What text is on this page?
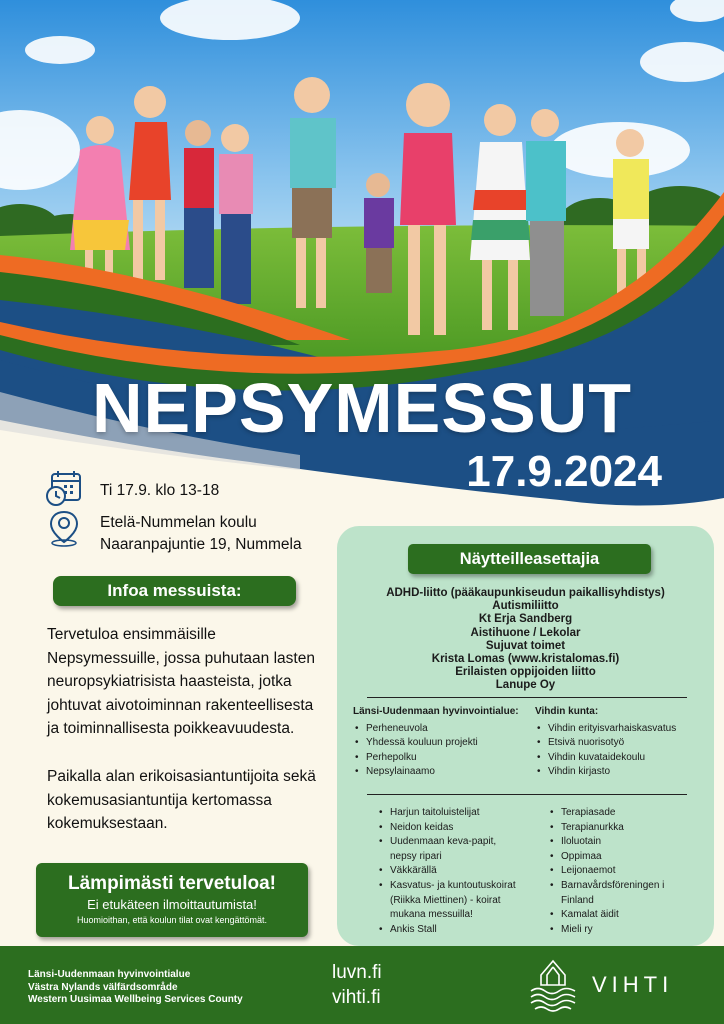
NEPSYMESSUT
17.9.2024
Ti 17.9. klo 13-18
Etelä-Nummelan koulu
Naaranpajuntie 19, Nummela
Infoa messuista:
Tervetuloa ensimmäisille Nepsymessuille, jossa puhutaan lasten neuropsykiatrisista haasteista, jotka johtuvat aivotoiminnan rakenteellisesta ja toiminnallisesta poikkeavuudesta.
Paikalla alan erikoisasiantuntijoita sekä kokemusasiantuntija kertomassa kokemuksestaan.
Lämpimästi tervetuloa!
Ei etukäteen ilmoittautumista!
Huomioithan, että koulun tilat ovat kengättömät.
Näytteilleasettajia
ADHD-liitto (pääkaupunkiseudun paikallisyhdistys)
Autismiliitto
Kt Erja Sandberg
Aistihuone / Lekolar
Sujuvat toimet
Krista Lomas (www.kristalomas.fi)
Erilaisten oppijoiden liitto
Lanupe Oy
Länsi-Uudenmaan hyvinvointialue:
• Perheneuvola
• Yhdessä kouluun projekti
• Perhepolku
• Nepsylainaamo
Vihdin kunta:
• Vihdin erityisvarhaiskasvatus
• Etsivä nuorisotyö
• Vihdin kuvataidekoulu
• Vihdin kirjasto
• Harjun taitoluistelijat
• Neidon keidas
• Uudenmaan keva-papit, nepsy ripari
• Väkkärällä
• Kasvatus- ja kuntoutuskoirat (Riikka Miettinen) - koirat mukana messuilla!
• Ankis Stall
• Terapiasade
• Terapianurkka
• Iloluotain
• Oppimaa
• Leijonaemot
• Barnavårdsföreningen i Finland
• Kamalat äidit
• Mieli ry
Länsi-Uudenmaan hyvinvointialue
Västra Nylands välfärdsområde
Western Uusimaa Wellbeing Services County
luvn.fi
vihti.fi
VIHTI
